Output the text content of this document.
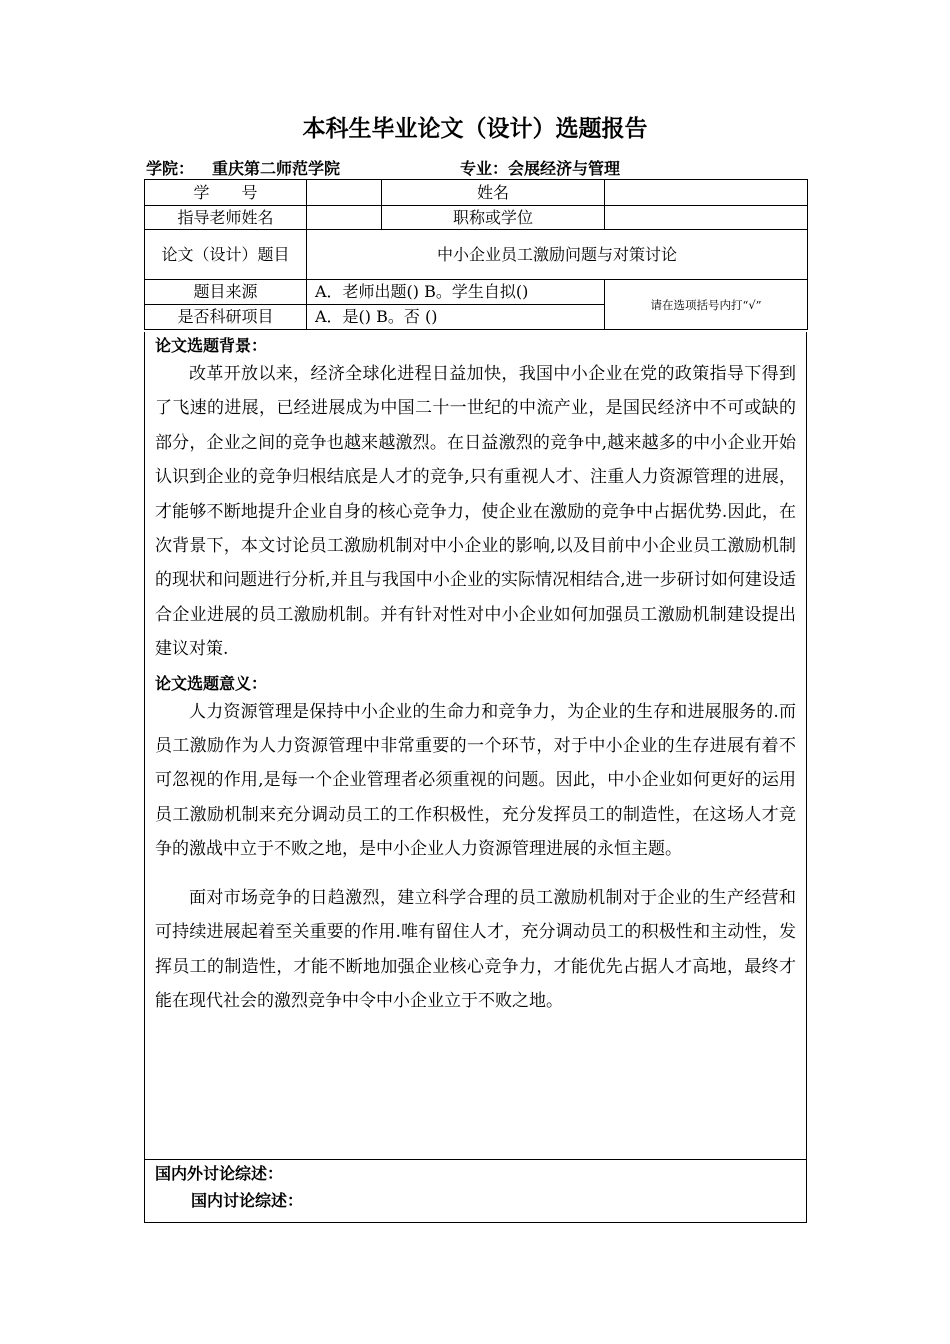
本科生毕业论文（设计）选题报告
学院： 重庆第二师范学院	专业：会展经济与管理
学　　号		姓名	
指导老师姓名		职称或学位	
论文（设计）题目	中小企业员工激励问题与对策讨论		
题目来源	A．老师出题() B。学生自拟()		请在选项括号内打“√”
是否科研项目	A．是() B。否 ()		
论文选题背景：

改革开放以来，经济全球化进程日益加快，我国中小企业在党的政策指导下得到了飞速的进展，已经进展成为中国二十一世纪的中流产业，是国民经济中不可或缺的部分，企业之间的竞争也越来越激烈。在日益激烈的竞争中,越来越多的中小企业开始认识到企业的竞争归根结底是人才的竞争,只有重视人才、注重人力资源管理的进展，才能够不断地提升企业自身的核心竞争力，使企业在激励的竞争中占据优势.因此，在次背景下，本文讨论员工激励机制对中小企业的影响,以及目前中小企业员工激励机制的现状和问题进行分析,并且与我国中小企业的实际情况相结合,进一步研讨如何建设适合企业进展的员工激励机制。并有针对性对中小企业如何加强员工激励机制建设提出建议对策.

论文选题意义：

人力资源管理是保持中小企业的生命力和竞争力，为企业的生存和进展服务的.而员工激励作为人力资源管理中非常重要的一个环节，对于中小企业的生存进展有着不可忽视的作用,是每一个企业管理者必须重视的问题。因此，中小企业如何更好的运用员工激励机制来充分调动员工的工作积极性，充分发挥员工的制造性，在这场人才竞争的激战中立于不败之地，是中小企业人力资源管理进展的永恒主题。

面对市场竞争的日趋激烈，建立科学合理的员工激励机制对于企业的生产经营和可持续进展起着至关重要的作用.唯有留住人才，充分调动员工的积极性和主动性，发挥员工的制造性，才能不断地加强企业核心竞争力，才能优先占据人才高地，最终才能在现代社会的激烈竞争中令中小企业立于不败之地。

国内外讨论综述：
国内讨论综述：
